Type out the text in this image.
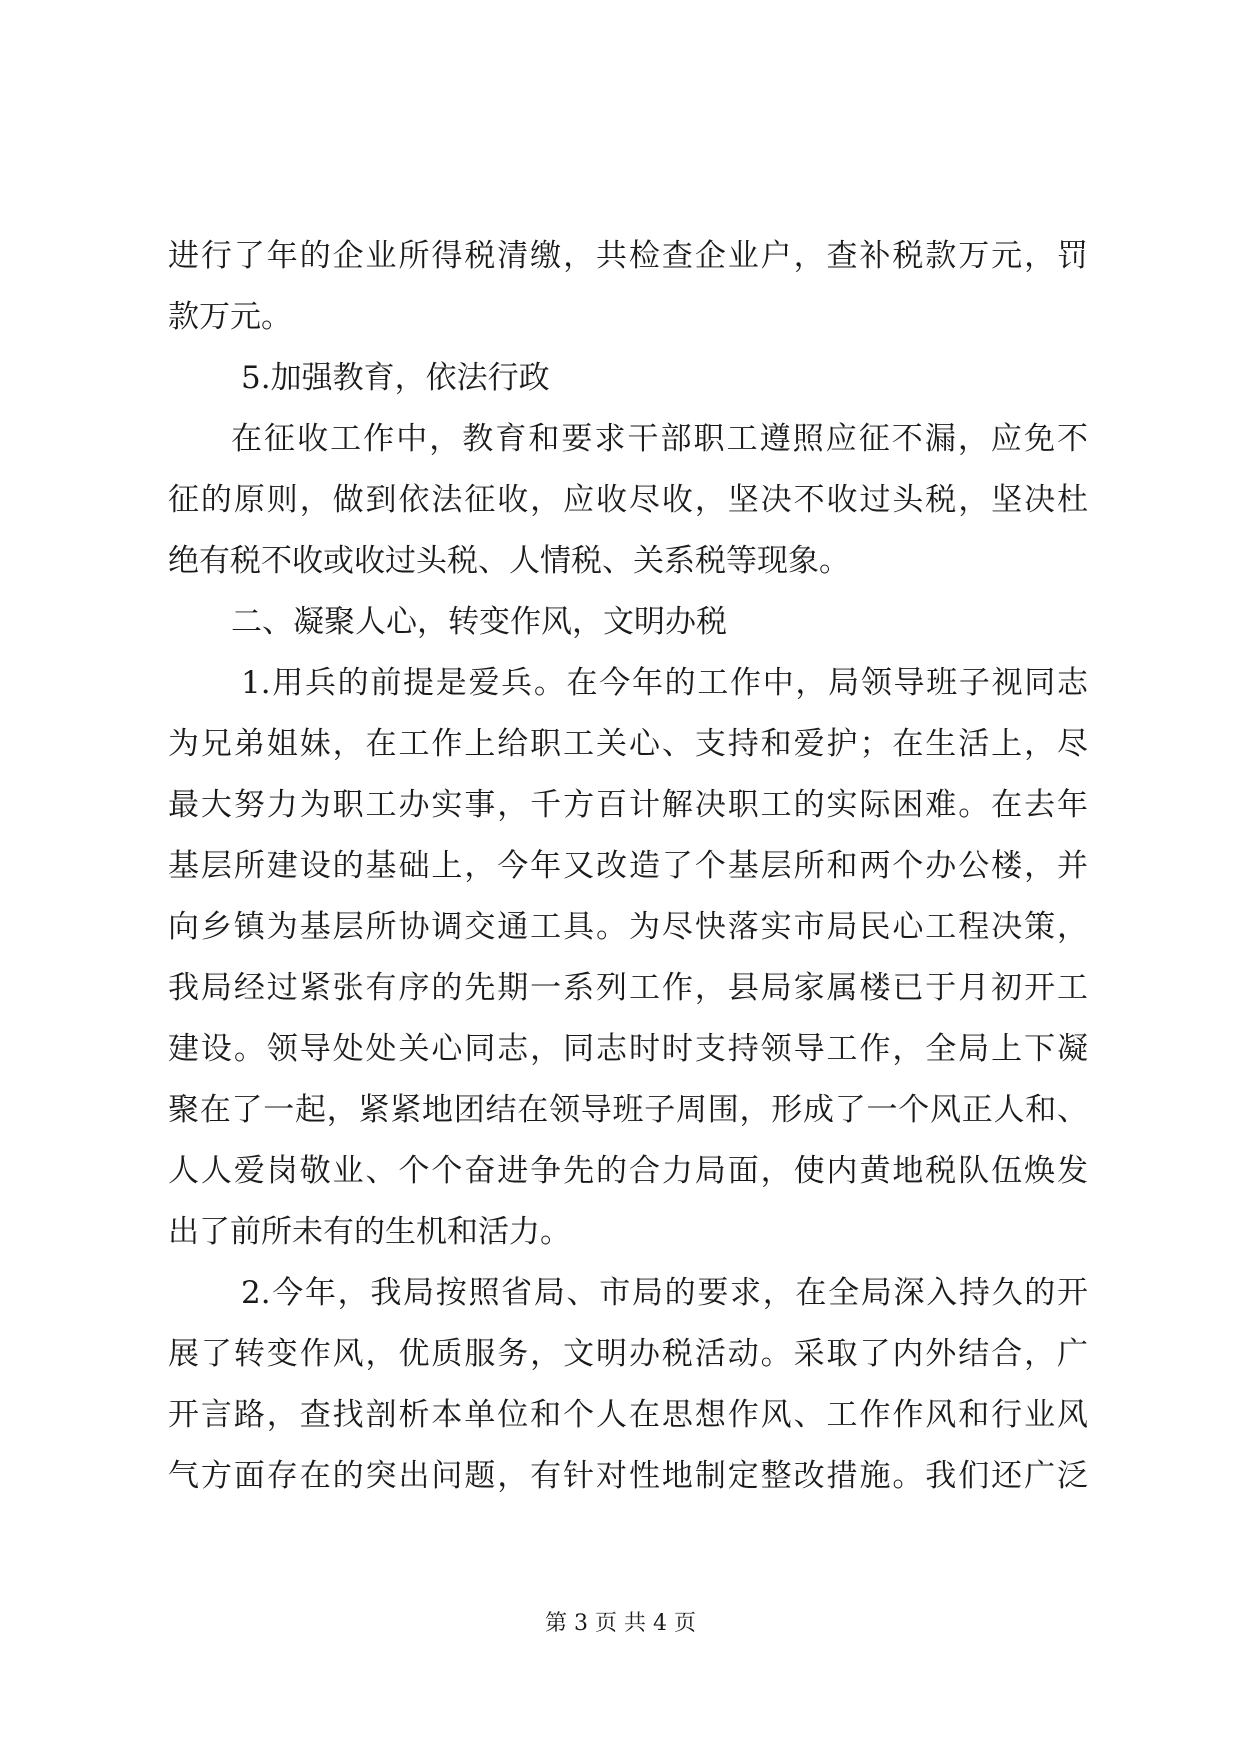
进行了年的企业所得税清缴，共检查企业户，查补税款万元，罚
款万元。
5.加强教育，依法行政
在征收工作中，教育和要求干部职工遵照应征不漏，应免不
征的原则，做到依法征收，应收尽收，坚决不收过头税，坚决杜
绝有税不收或收过头税、人情税、关系税等现象。
二、凝聚人心，转变作风，文明办税
1.用兵的前提是爱兵。在今年的工作中，局领导班子视同志
为兄弟姐妹，在工作上给职工关心、支持和爱护；在生活上，尽
最大努力为职工办实事，千方百计解决职工的实际困难。在去年
基层所建设的基础上，今年又改造了个基层所和两个办公楼，并
向乡镇为基层所协调交通工具。为尽快落实市局民心工程决策，
我局经过紧张有序的先期一系列工作，县局家属楼已于月初开工
建设。领导处处关心同志，同志时时支持领导工作，全局上下凝
聚在了一起，紧紧地团结在领导班子周围，形成了一个风正人和、
人人爱岗敬业、个个奋进争先的合力局面，使内黄地税队伍焕发
出了前所未有的生机和活力。
2.今年，我局按照省局、市局的要求，在全局深入持久的开
展了转变作风，优质服务，文明办税活动。采取了内外结合，广
开言路，查找剖析本单位和个人在思想作风、工作作风和行业风
气方面存在的突出问题，有针对性地制定整改措施。我们还广泛
第 3 页 共 4 页
